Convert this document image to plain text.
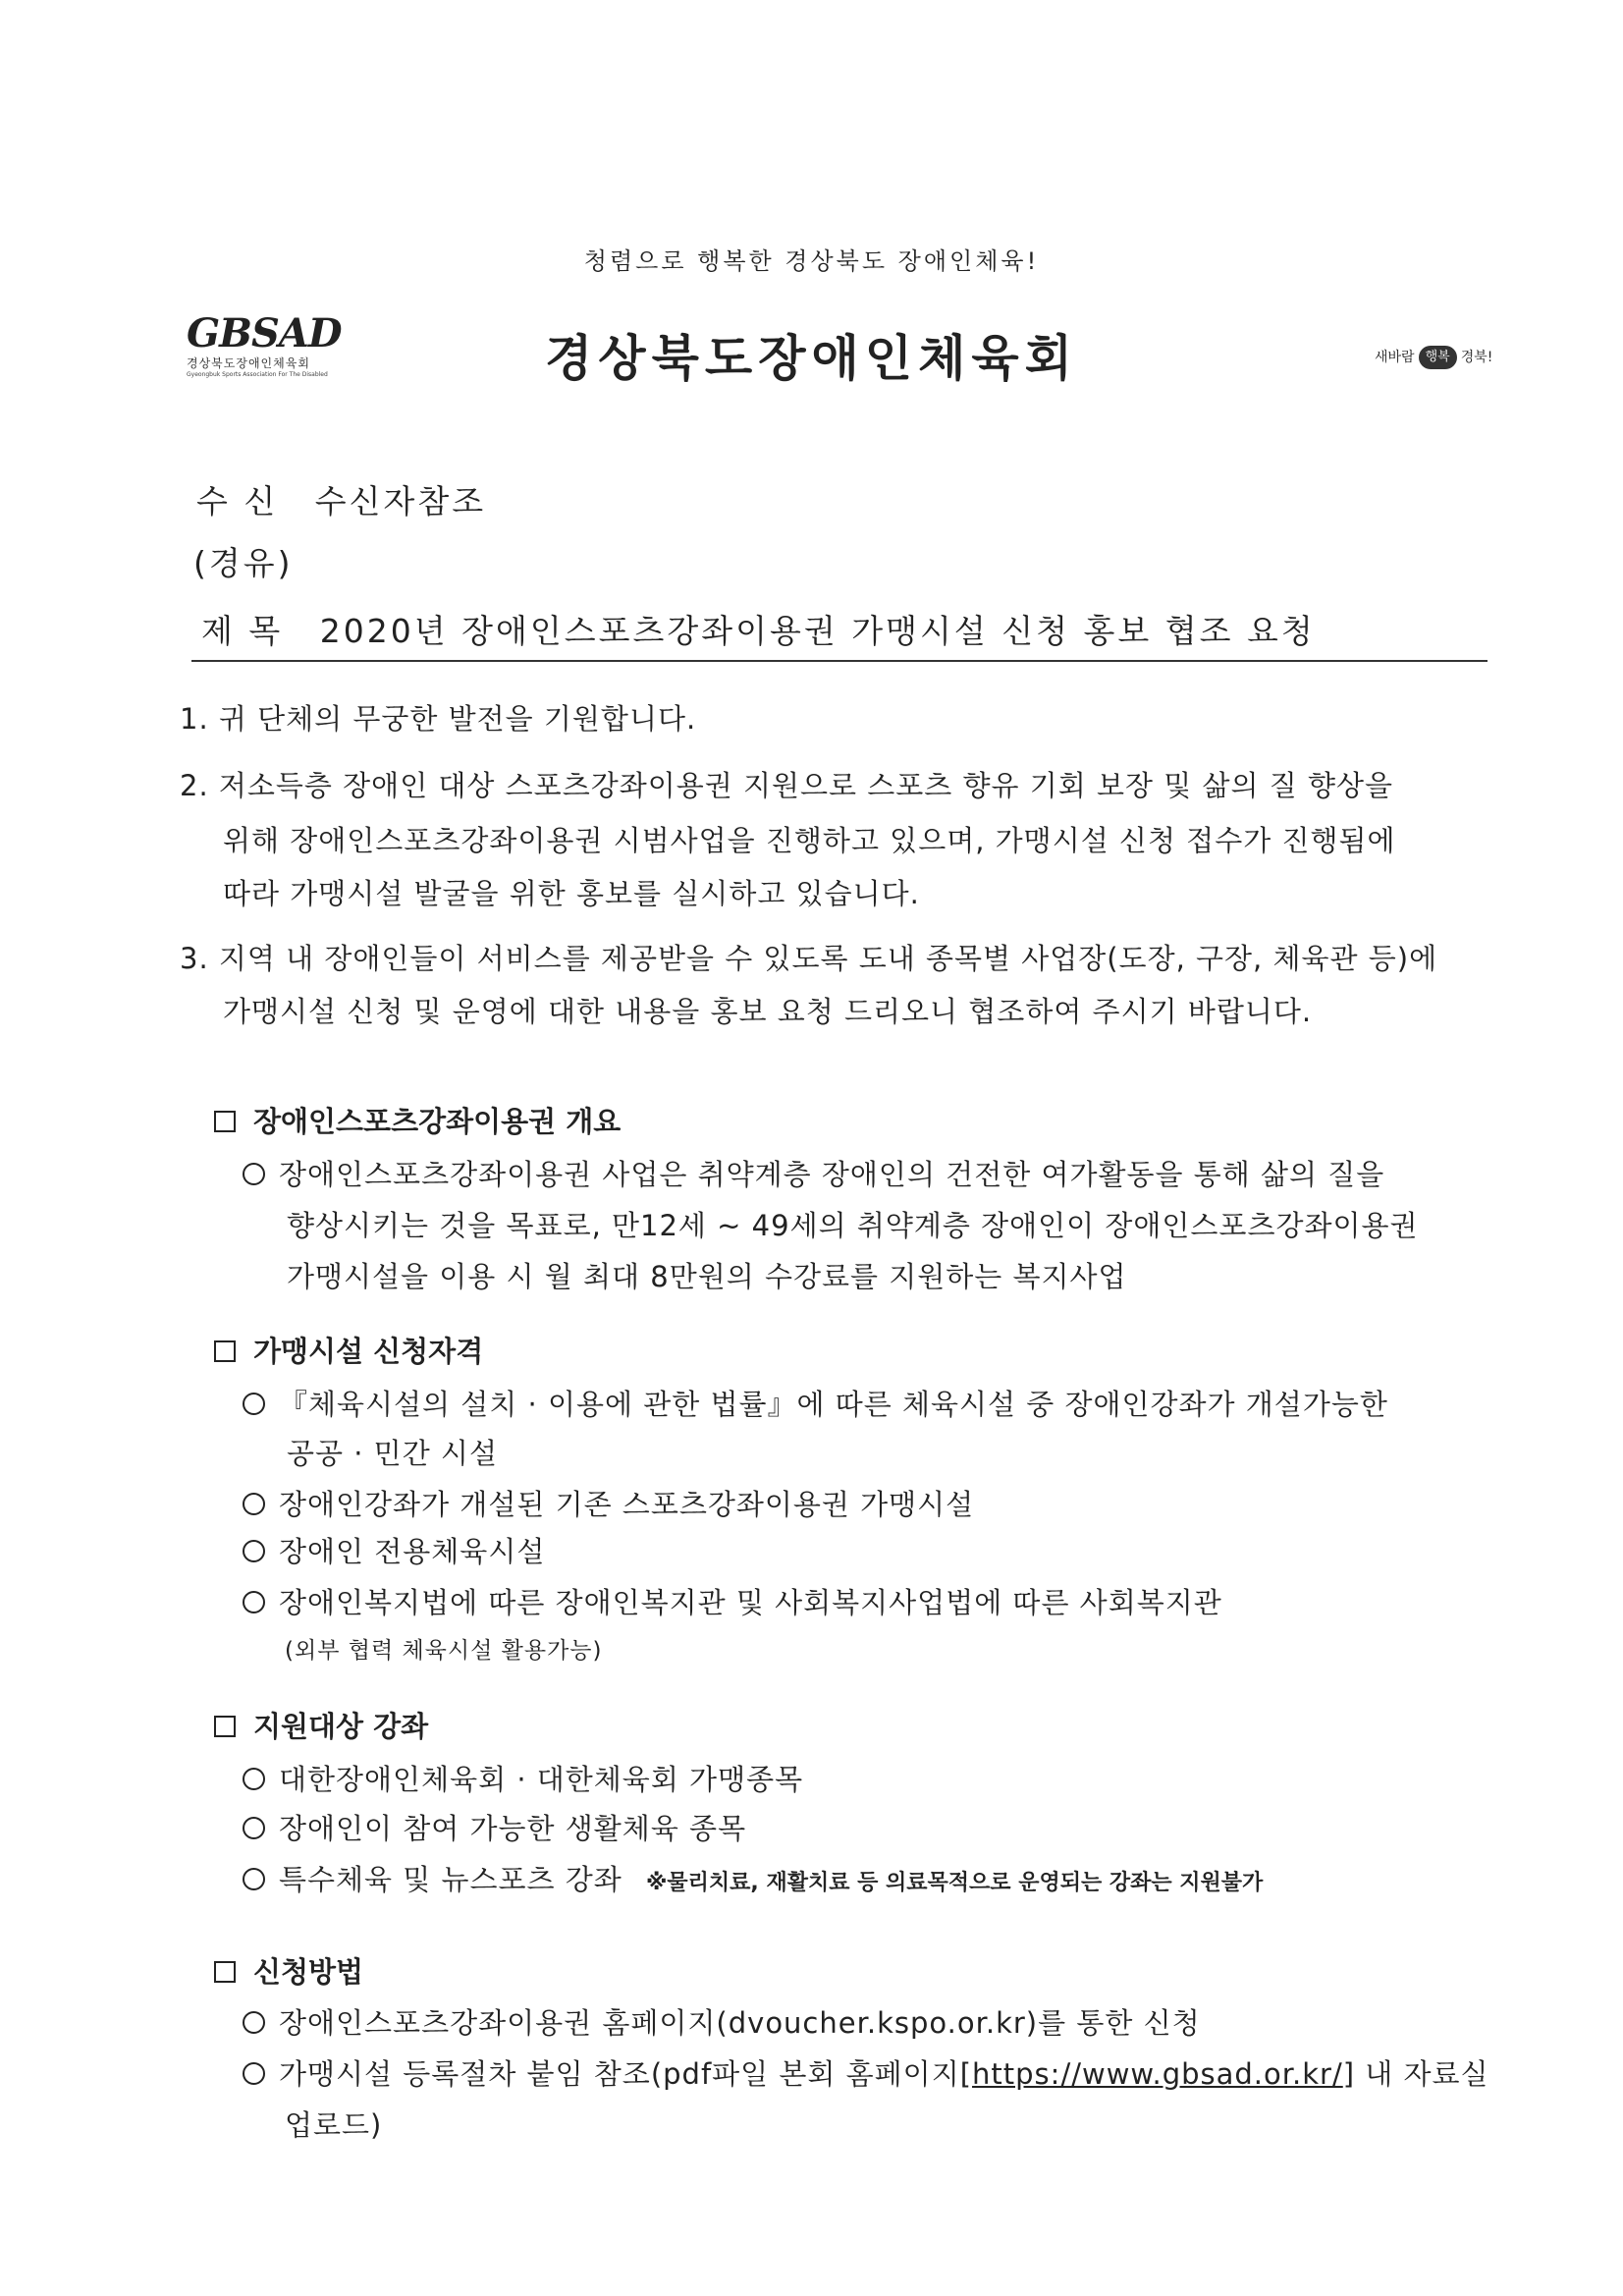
청렴으로 행복한 경상북도 장애인체육!
GBSAD
경상북도장애인체육회
Gyeongbuk Sports Association For The Disabled	경상북도장애인체육회	새바람 행복 경북!
수 신 수신자참조
(경유)
제 목 2020년 장애인스포츠강좌이용권 가맹시설 신청 홍보 협조 요청
1. 귀 단체의 무궁한 발전을 기원합니다.
2. 저소득층 장애인 대상 스포츠강좌이용권 지원으로 스포츠 향유 기회 보장 및 삶의 질 향상을
위해 장애인스포츠강좌이용권 시범사업을 진행하고 있으며, 가맹시설 신청 접수가 진행됨에
따라 가맹시설 발굴을 위한 홍보를 실시하고 있습니다.
3. 지역 내 장애인들이 서비스를 제공받을 수 있도록 도내 종목별 사업장(도장, 구장, 체육관 등)에
가맹시설 신청 및 운영에 대한 내용을 홍보 요청 드리오니 협조하여 주시기 바랍니다.
장애인스포츠강좌이용권 개요
장애인스포츠강좌이용권 사업은 취약계층 장애인의 건전한 여가활동을 통해 삶의 질을
향상시키는 것을 목표로, 만12세 ~ 49세의 취약계층 장애인이 장애인스포츠강좌이용권
가맹시설을 이용 시 월 최대 8만원의 수강료를 지원하는 복지사업
가맹시설 신청자격
『체육시설의 설치 · 이용에 관한 법률』에 따른 체육시설 중 장애인강좌가 개설가능한
공공 · 민간 시설
장애인강좌가 개설된 기존 스포츠강좌이용권 가맹시설
장애인 전용체육시설
장애인복지법에 따른 장애인복지관 및 사회복지사업법에 따른 사회복지관
(외부 협력 체육시설 활용가능)
지원대상 강좌
대한장애인체육회 · 대한체육회 가맹종목
장애인이 참여 가능한 생활체육 종목
특수체육 및 뉴스포츠 강좌 ※물리치료, 재활치료 등 의료목적으로 운영되는 강좌는 지원불가
신청방법
장애인스포츠강좌이용권 홈페이지(dvoucher.kspo.or.kr)를 통한 신청
가맹시설 등록절차 붙임 참조(pdf파일 본회 홈페이지[https://www.gbsad.or.kr/] 내 자료실
업로드)
